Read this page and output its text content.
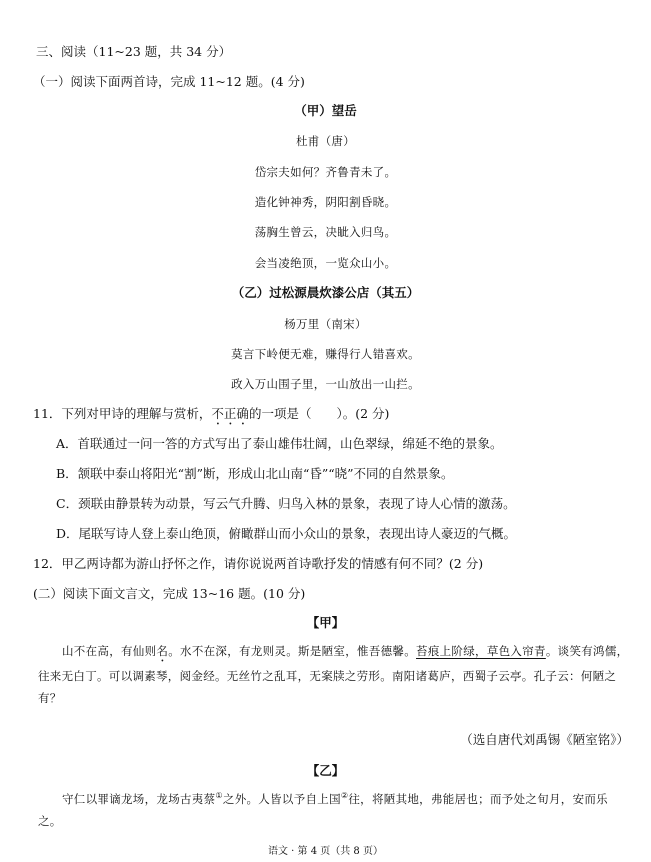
三、阅读（11~23 题，共 34 分）
（一）阅读下面两首诗，完成 11~12 题。(4 分)
（甲）望岳
杜甫（唐）
岱宗夫如何？齐鲁青未了。
造化钟神秀，阴阳割昏晓。
荡胸生曾云，决眦入归鸟。
会当凌绝顶，一览众山小。
（乙）过松源晨炊漆公店（其五）
杨万里（南宋）
莫言下岭便无难，赚得行人错喜欢。
政入万山围子里，一山放出一山拦。
11．下列对甲诗的理解与赏析，不正确的一项是（　　）。(2 分)
A．首联通过一问一答的方式写出了泰山雄伟壮阔，山色翠绿，绵延不绝的景象。
B．颔联中泰山将阳光“割”断，形成山北山南“昏”“晓”不同的自然景象。
C．颈联由静景转为动景，写云气升腾、归鸟入林的景象，表现了诗人心情的激荡。
D．尾联写诗人登上泰山绝顶，俯瞰群山而小众山的景象，表现出诗人豪迈的气概。
12．甲乙两诗都为游山抒怀之作，请你说说两首诗歌抒发的情感有何不同？(2 分)
(二）阅读下面文言文，完成 13~16 题。(10 分)
【甲】
山不在高，有仙则名。水不在深，有龙则灵。斯是陋室，惟吾德馨。苔痕上阶绿，草色入帘青。谈笑有鸿儒，往来无白丁。可以调素琴，阅金经。无丝竹之乱耳，无案牍之劳形。南阳诸葛庐，西蜀子云亭。孔子云：何陋之有？
（选自唐代刘禹锡《陋室铭》）
【乙】
守仁以罪谪龙场，龙场古夷蔡①之外。人皆以予自上国②往，将陋其地，弗能居也；而予处之旬月，安而乐之。
语文 · 第 4 页（共 8 页）
